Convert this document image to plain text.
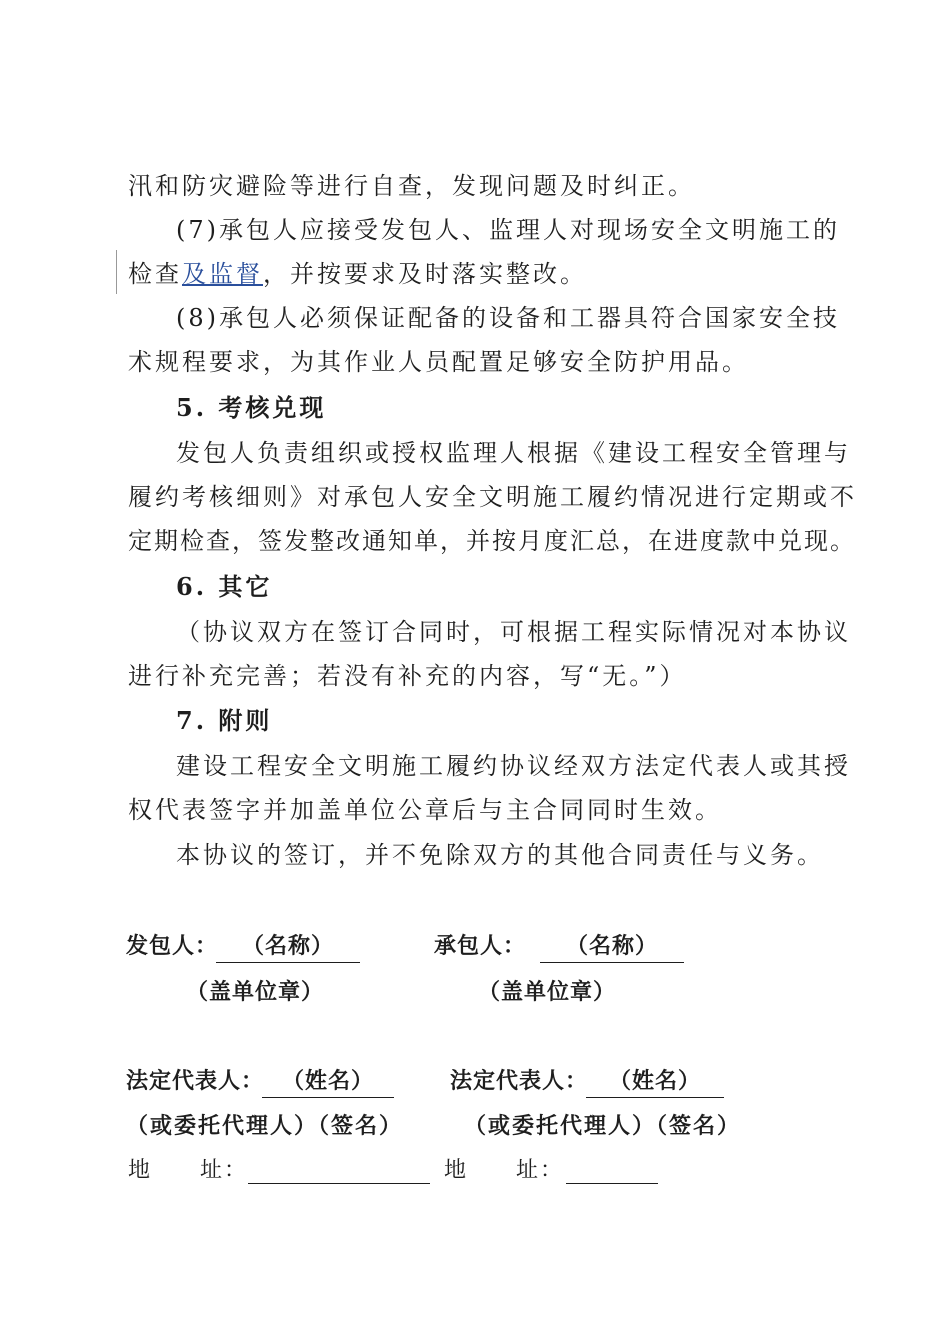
汛和防灾避险等进行自查，发现问题及时纠正。
(7)承包人应接受发包人、监理人对现场安全文明施工的
检查及监督，并按要求及时落实整改。
(8)承包人必须保证配备的设备和工器具符合国家安全技
术规程要求，为其作业人员配置足够安全防护用品。
5. 考核兑现
发包人负责组织或授权监理人根据《建设工程安全管理与
履约考核细则》对承包人安全文明施工履约情况进行定期或不
定期检查，签发整改通知单，并按月度汇总，在进度款中兑现。
6. 其它
（协议双方在签订合同时，可根据工程实际情况对本协议
进行补充完善；若没有补充的内容，写“无。”）
7. 附则
建设工程安全文明施工履约协议经双方法定代表人或其授
权代表签字并加盖单位公章后与主合同同时生效。
本协议的签订，并不免除双方的其他合同责任与义务。
发包人：	（名称）	承包人：	（名称）
（盖单位章）	（盖单位章）
法定代表人： （姓名）	法定代表人： （姓名）
（或委托代理人）（签名）	（或委托代理人）（签名）
地　　址：	地　　址：
